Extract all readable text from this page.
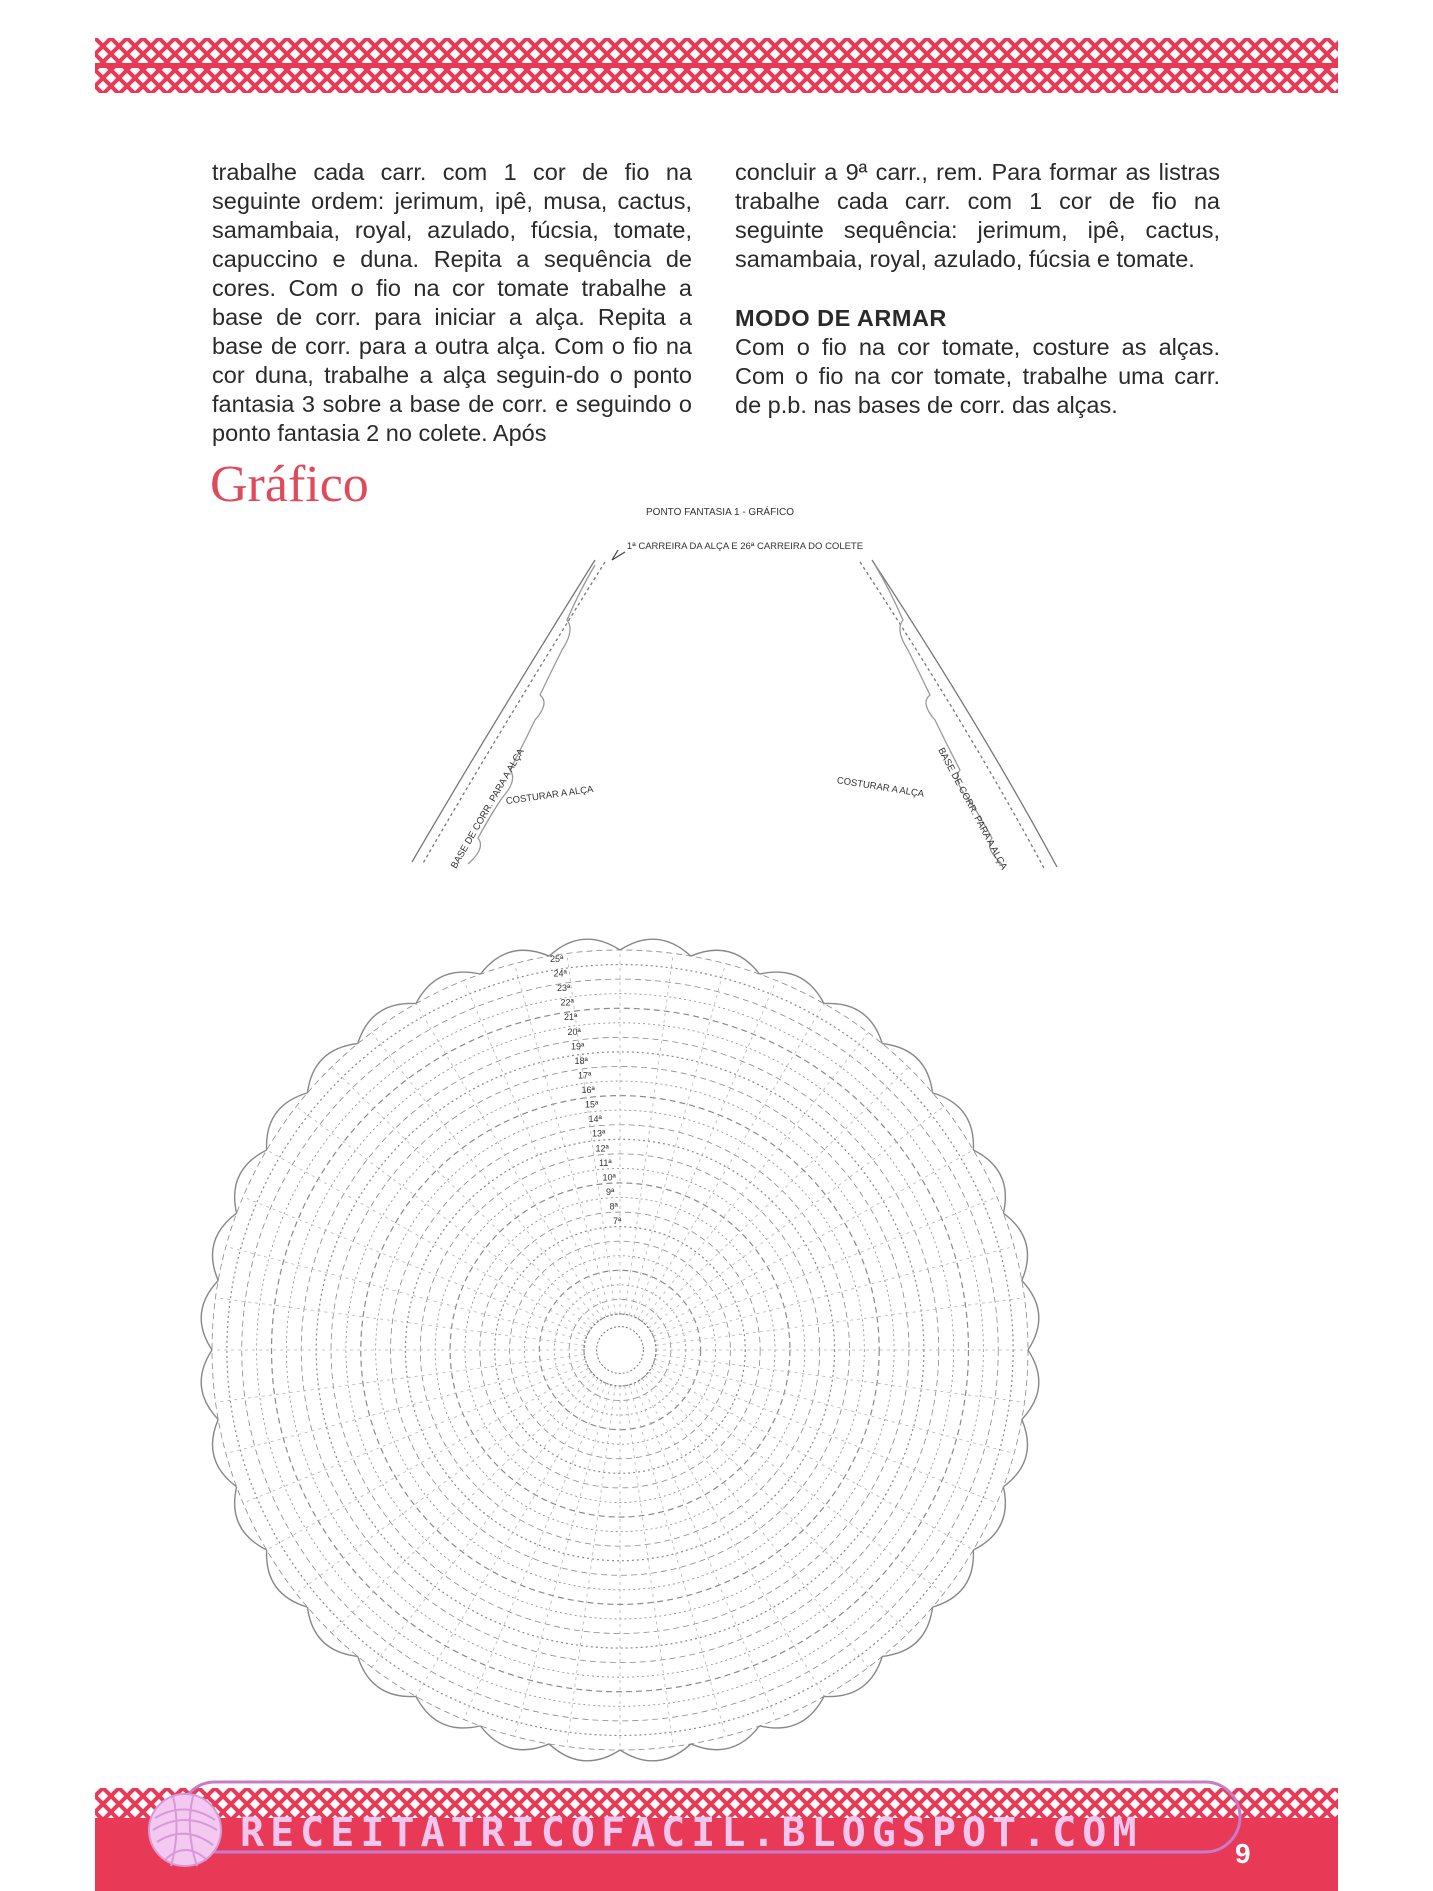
trabalhe cada carr. com 1 cor de fio na seguinte ordem: jerimum, ipê, musa, cactus, samambaia, royal, azulado, fúcsia, tomate, capuccino e duna. Repita a sequência de cores. Com o fio na cor tomate trabalhe a base de corr. para iniciar a alça. Repita a base de corr. para a outra alça. Com o fio na cor duna, trabalhe a alça seguin-do o ponto fantasia 3 sobre a base de corr. e seguindo o ponto fantasia 2 no colete. Após

concluir a 9ª carr., rem. Para formar as listras trabalhe cada carr. com 1 cor de fio na seguinte sequência: jerimum, ipê, cactus, samambaia, royal, azulado, fúcsia e tomate.

MODO DE ARMAR

Com o fio na cor tomate, costure as alças. Com o fio na cor tomate, trabalhe uma carr. de p.b. nas bases de corr. das alças.

Gráfico	PONTO FANTASIA 1 - GRÁFICO
1ª CARREIRA DA ALÇA E 26ª CARREIRA DO COLETE
BASE DE CORR. PARA A ALÇA	BASE DE CORR. PARA A ALÇA
COSTURAR A ALÇA	COSTURAR A ALÇA
25ª
24ª
23ª
22ª
21ª
20ª
19ª
18ª
17ª
16ª
15ª
14ª
13ª
12ª
11ª
10ª
9ª
8ª
7ª
RECEITATRICOFACIL.BLOGSPOT.COM	9
